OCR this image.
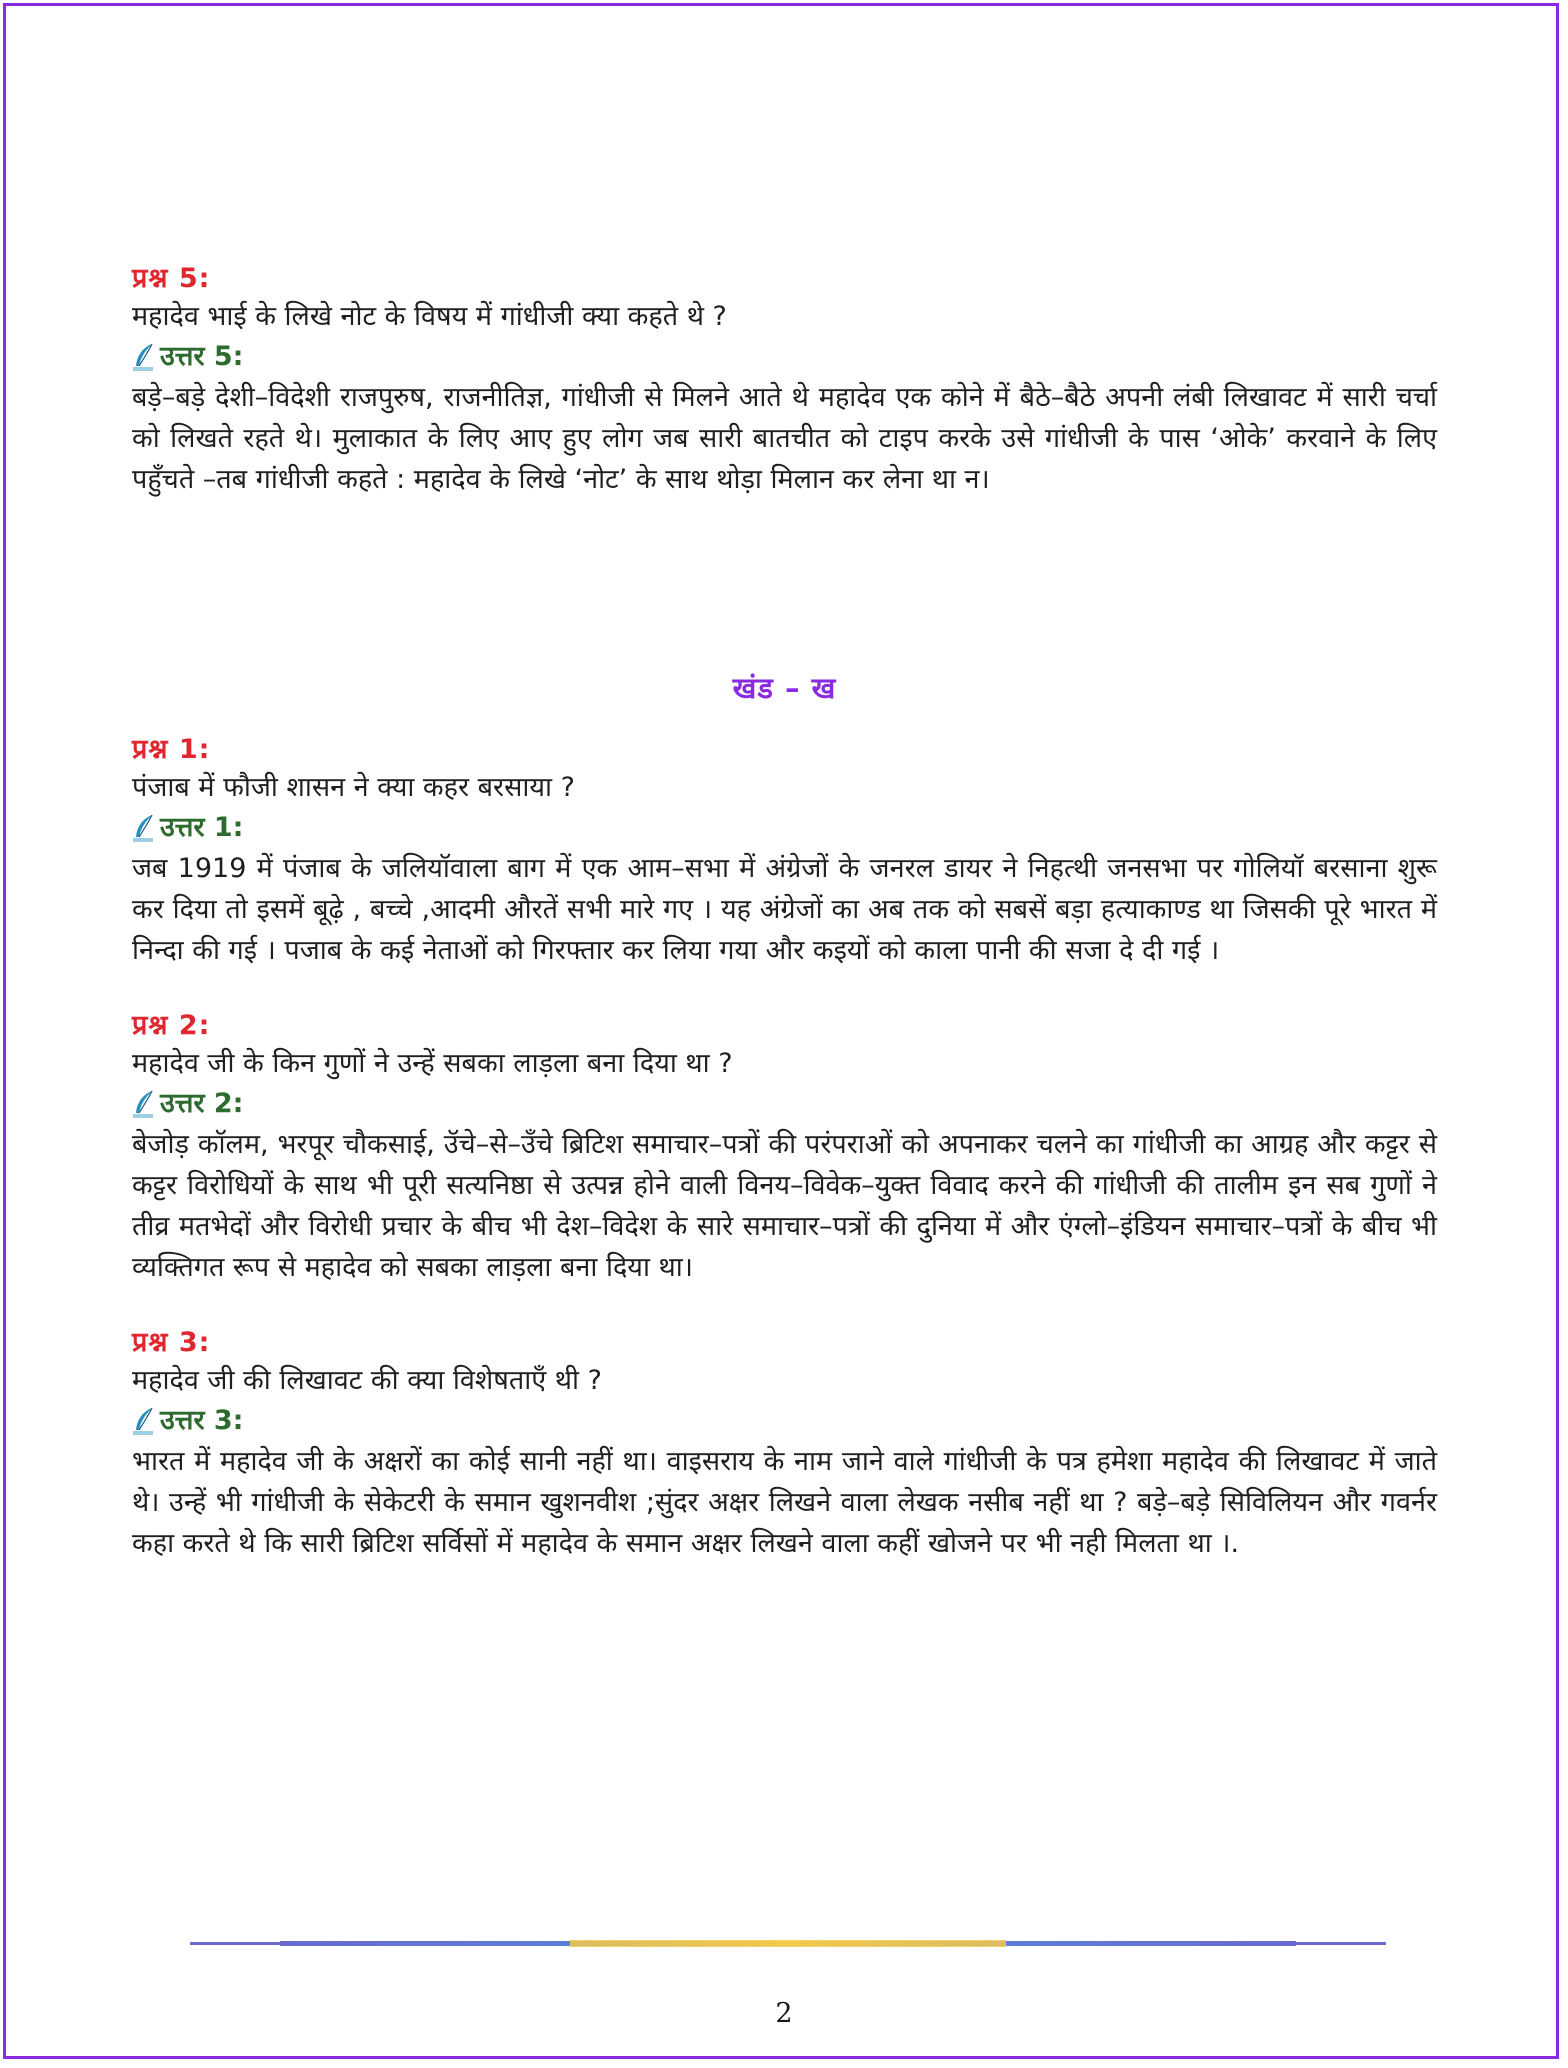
प्रश्न 5:
महादेव भाई के लिखे नोट के विषय में गांधीजी क्या कहते थे ?
उत्तर 5:
बड़े–बड़े देशी–विदेशी राजपुरुष, राजनीतिज्ञ, गांधीजी से मिलने आते थे महादेव एक कोने में बैठे–बैठे अपनी लंबी लिखावट में सारी चर्चा को लिखते रहते थे। मुलाकात के लिए आए हुए लोग जब सारी बातचीत को टाइप करके उसे गांधीजी के पास ‘ओके’ करवाने के लिए पहुँचते –तब गांधीजी कहते : महादेव के लिखे ‘नोट’ के साथ थोड़ा मिलान कर लेना था न।
खंड – ख
प्रश्न 1:
पंजाब में फौजी शासन ने क्या कहर बरसाया ?
उत्तर 1:
जब 1919 में पंजाब के जलियॉवाला बाग में एक आम–सभा में अंग्रेजों के जनरल डायर ने निहत्थी जनसभा पर गोलियॉ बरसाना शुरू कर दिया तो इसमें बूढ़े , बच्चे ,आदमी औरतें सभी मारे गए । यह अंग्रेजों का अब तक को सबसें बड़ा हत्याकाण्ड था जिसकी पूरे भारत में निन्दा की गई । पजाब के कई नेताओं को गिरफ्तार कर लिया गया और कइयों को काला पानी की सजा दे दी गई ।
प्रश्न 2:
महादेव जी के किन गुणों ने उन्हें सबका लाड़ला बना दिया था ?
उत्तर 2:
बेजोड़ कॉलम, भरपूर चौकसाई, उॅचे–से–उँचे ब्रिटिश समाचार–पत्रों की परंपराओं को अपनाकर चलने का गांधीजी का आग्रह और कट्टर से कट्टर विरोधियों के साथ भी पूरी सत्यनिष्ठा से उत्पन्न होने वाली विनय–विवेक–युक्त विवाद करने की गांधीजी की तालीम इन सब गुणों ने तीव्र मतभेदों और विरोधी प्रचार के बीच भी देश–विदेश के सारे समाचार–पत्रों की दुनिया में और एंग्लो–इंडियन समाचार–पत्रों के बीच भी व्यक्तिगत रूप से महादेव को सबका लाड़ला बना दिया था।
प्रश्न 3:
महादेव जी की लिखावट की क्या विशेषताएँ थी ?
उत्तर 3:
भारत में महादेव जी के अक्षरों का कोई सानी नहीं था। वाइसराय के नाम जाने वाले गांधीजी के पत्र हमेशा महादेव की लिखावट में जाते थे। उन्हें भी गांधीजी के सेकेटरी के समान खुशनवीश ;सुंदर अक्षर लिखने वाला लेखक नसीब नहीं था ? बड़े–बड़े सिविलियन और गवर्नर कहा करते थे कि सारी ब्रिटिश सर्विसों में महादेव के समान अक्षर लिखने वाला कहीं खोजने पर भी नही मिलता था ।.
2
